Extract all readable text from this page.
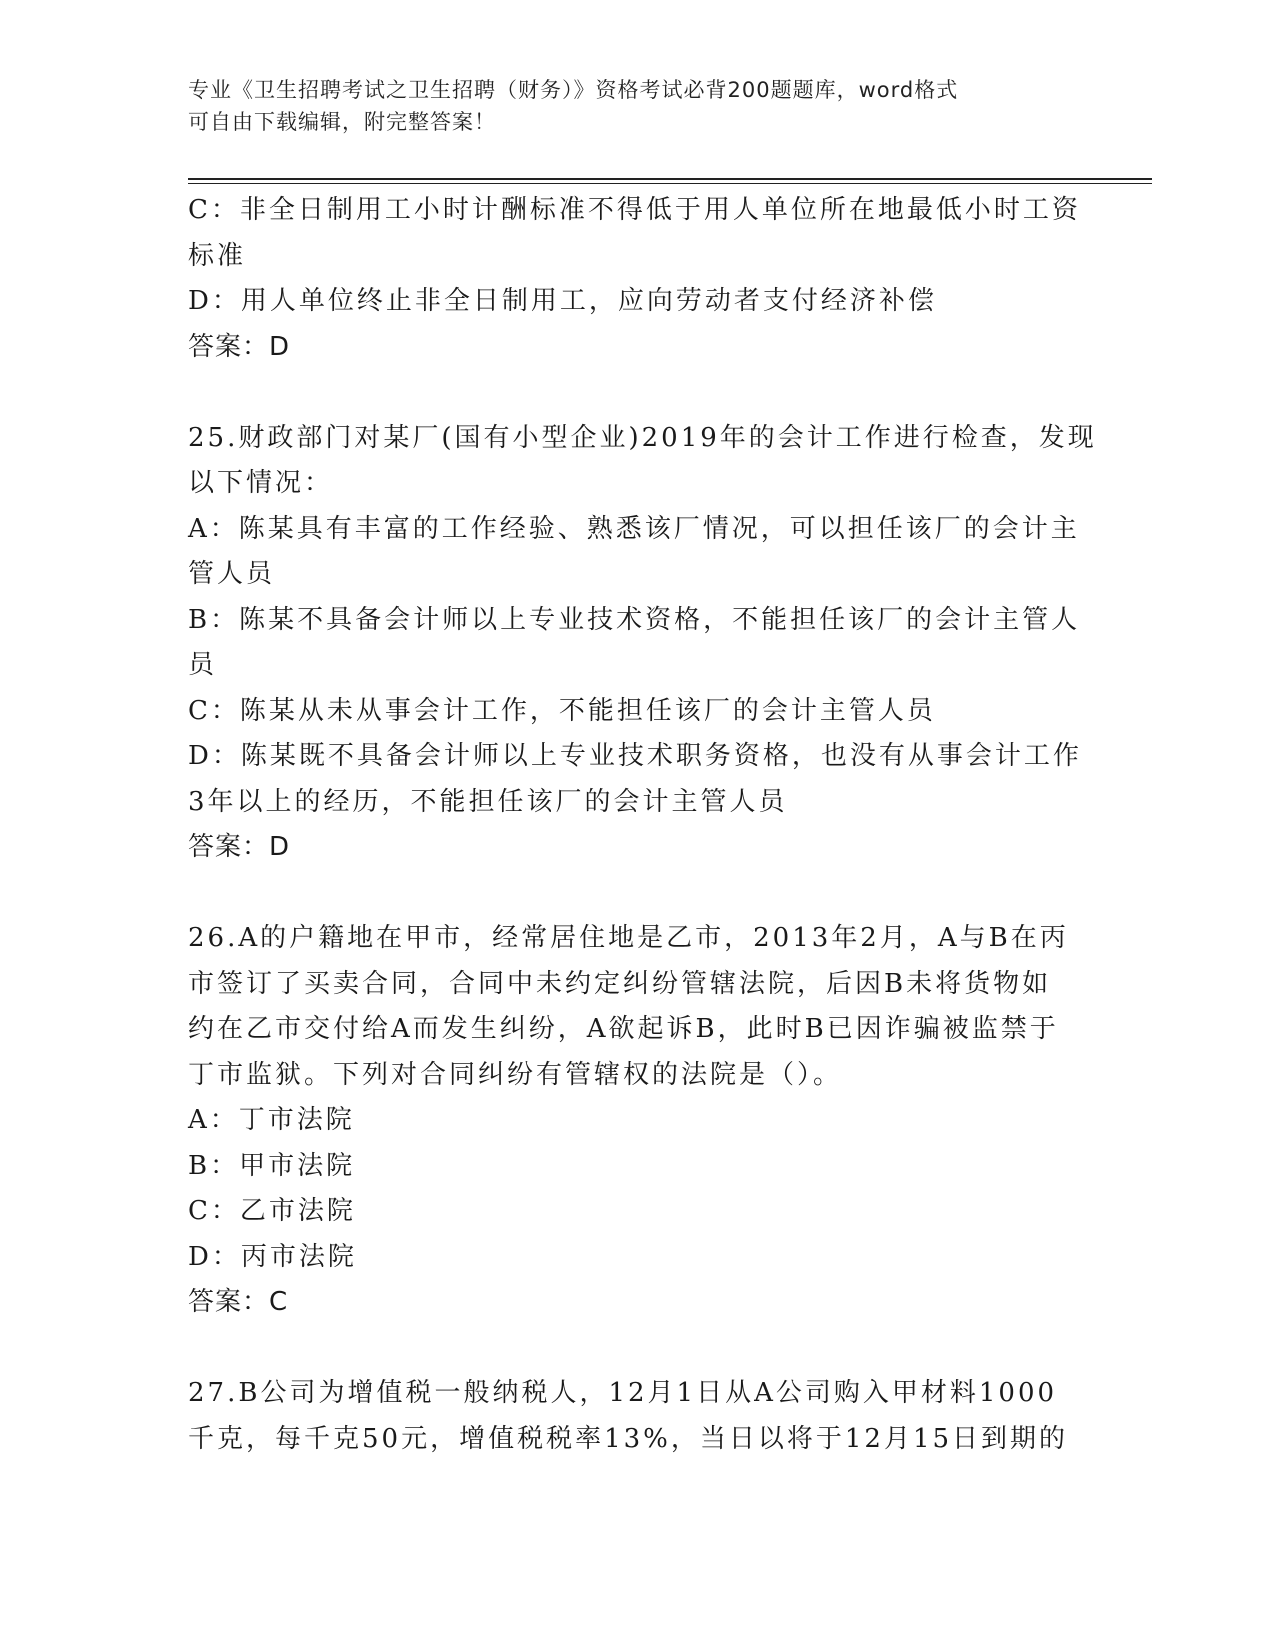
专业《卫生招聘考试之卫生招聘（财务）》资格考试必背200题题库，word格式
可自由下载编辑，附完整答案！
C：非全日制用工小时计酬标准不得低于用人单位所在地最低小时工资
标准
D：用人单位终止非全日制用工，应向劳动者支付经济补偿
答案：D
25.财政部门对某厂(国有小型企业)2019年的会计工作进行检查，发现
以下情况：
A：陈某具有丰富的工作经验、熟悉该厂情况，可以担任该厂的会计主
管人员
B：陈某不具备会计师以上专业技术资格，不能担任该厂的会计主管人
员
C：陈某从未从事会计工作，不能担任该厂的会计主管人员
D：陈某既不具备会计师以上专业技术职务资格，也没有从事会计工作
3年以上的经历，不能担任该厂的会计主管人员
答案：D
26.A的户籍地在甲市，经常居住地是乙市，2013年2月，A与B在丙
市签订了买卖合同，合同中未约定纠纷管辖法院，后因B未将货物如
约在乙市交付给A而发生纠纷，A欲起诉B，此时B已因诈骗被监禁于
丁市监狱。下列对合同纠纷有管辖权的法院是（）。
A：丁市法院
B：甲市法院
C：乙市法院
D：丙市法院
答案：C
27.B公司为增值税一般纳税人，12月1日从A公司购入甲材料1000
千克，每千克50元，增值税税率13%，当日以将于12月15日到期的
